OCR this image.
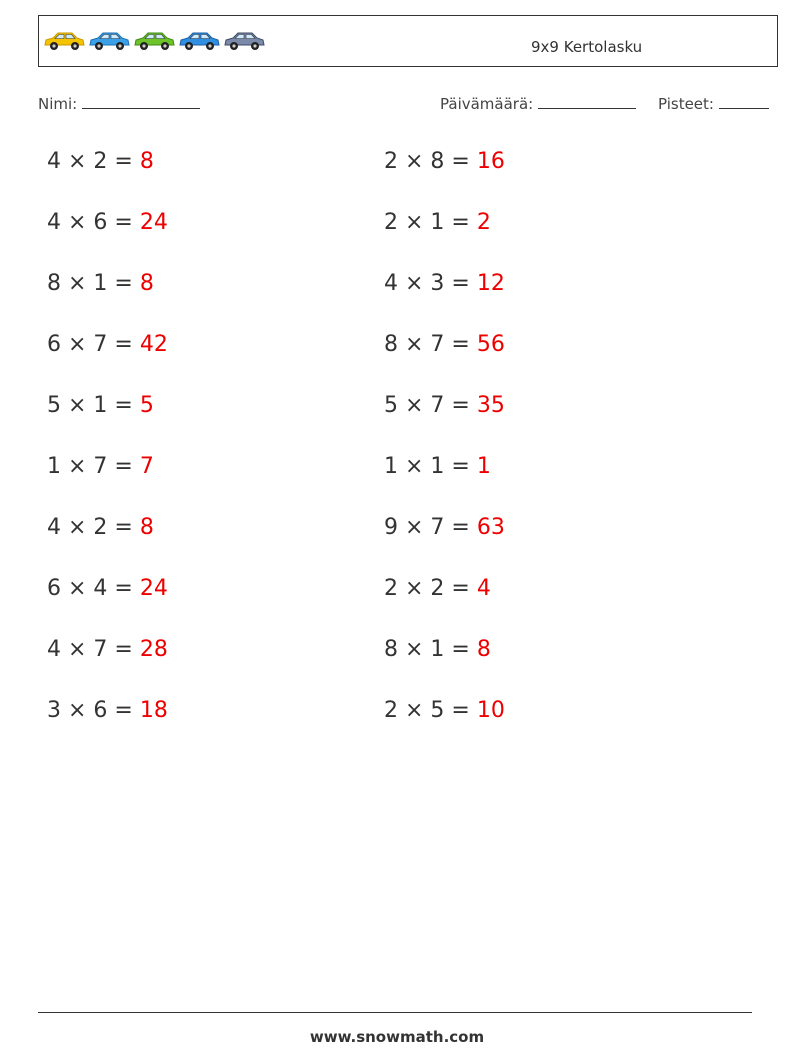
9x9 Kertolasku
Nimi:	Päivämäärä:	Pisteet:
4 × 2 = 8
4 × 6 = 24
8 × 1 = 8
6 × 7 = 42
5 × 1 = 5
1 × 7 = 7
4 × 2 = 8
6 × 4 = 24
4 × 7 = 28
3 × 6 = 18
2 × 8 = 16
2 × 1 = 2
4 × 3 = 12
8 × 7 = 56
5 × 7 = 35
1 × 1 = 1
9 × 7 = 63
2 × 2 = 4
8 × 1 = 8
2 × 5 = 10
www.snowmath.com
